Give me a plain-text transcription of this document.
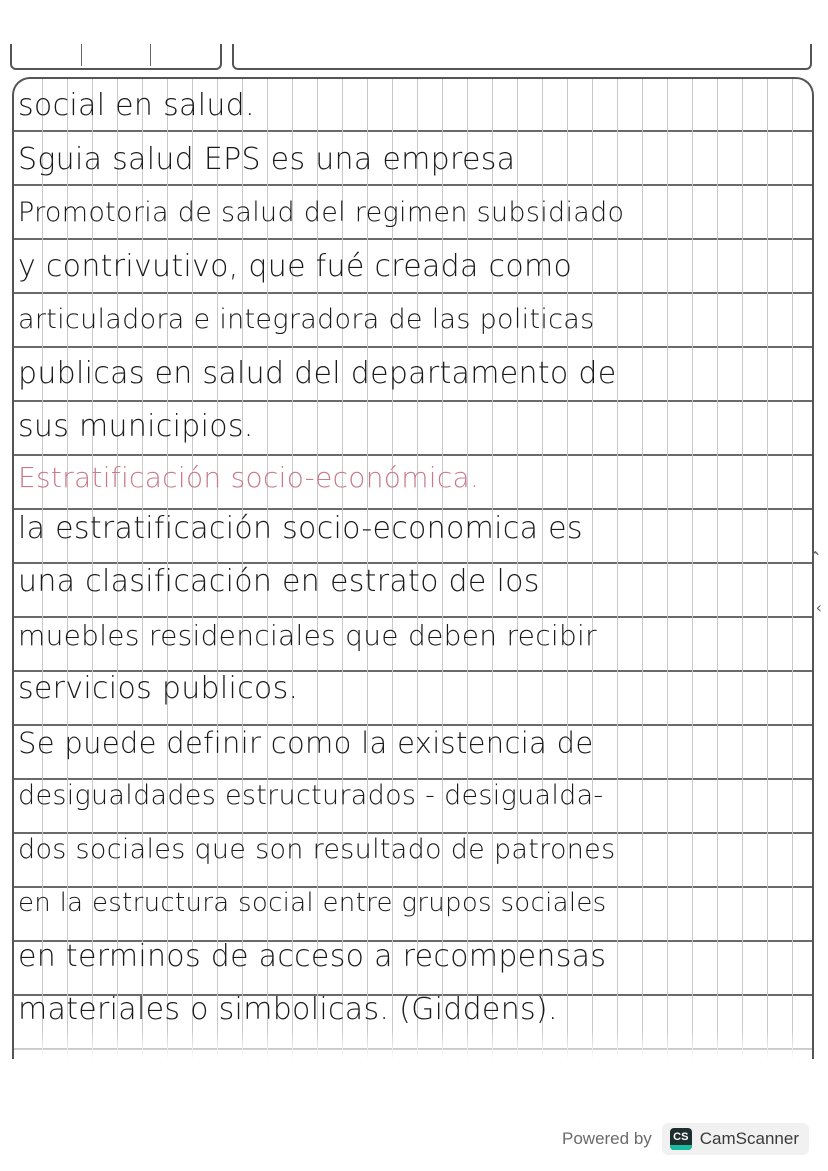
social en salud.
Sguia salud EPS es una empresa
Promotoria de salud del regimen subsidiado
y contrivutivo, que fué creada como
articuladora e integradora de las politicas
publicas en salud del departamento de
sus municipios.
Estratificación socio-económica.
la estratificación socio-economica es
una clasificación en estrato de los
muebles residenciales que deben recibir
servicios publicos.
Se puede definir como la existencia de
desigualdades estructurados - desigualda-
dos sociales que son resultado de patrones
en la estructura social entre grupos sociales
en terminos de acceso a recompensas
materiales o simbolicas. (Giddens).
⌃
‹
Powered by CS CamScanner
